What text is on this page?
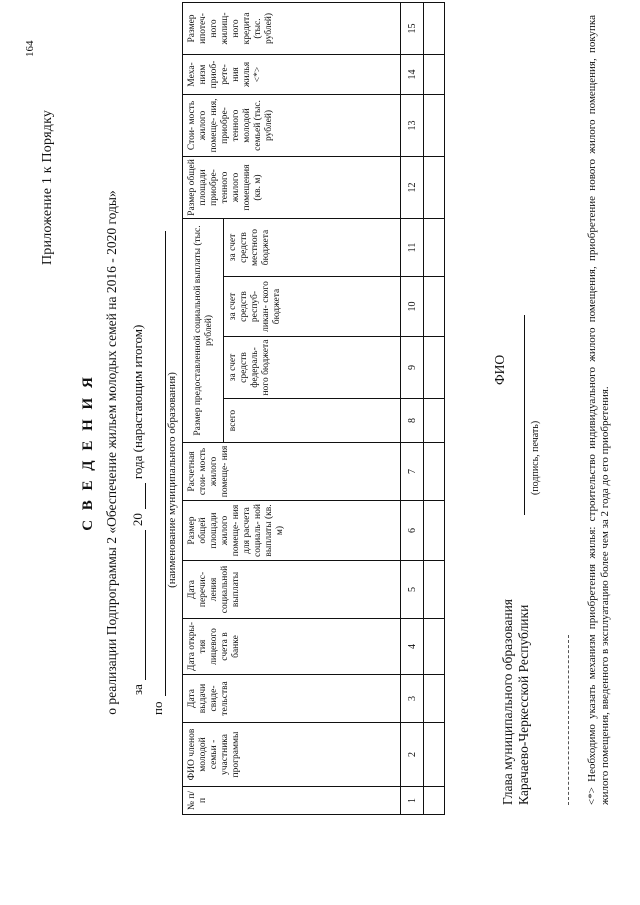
164
Приложение 1 к Порядку
С В Е Д Е Н И Я о реализации Подпрограммы 2 «Обеспечение жильем молодых семей на 2016 - 2020 годы» за
20
года (нарастающим итогом)
по
(наименование муниципального образования)
№ п/п	ФИО членов молодой семьи - участника программы	Дата выдачи свиде- тельства	Дата откры- тия лицевого счета в банке	Дата перечис- ления социальной выплаты	Размер общей площади жилого помеще- ния для расчета социаль- ной выплаты (кв. м)	Расчетная стои- мость жилого помеще- ния	Размер предоставленной социальной выплаты (тыс. рублей)				Размер общей площади приобре- тенного жилого помещения (кв. м)	Стои- мость жилого помеще- ния, приобре- тенного молодой семьей (тыс. рублей)	Меха- низм приоб- ретe- ния жилья <*>	Размер ипотеч- ного жилищ- ного кредита (тыс. рублей)
							всего	за счет средств федераль- ного бюджета	за счет средств респуб- ликан- ского бюджета	за счет средств местного бюджета				
1	2	3	4	5	6	7	8	9	10	11	12	13	14	15

Глава муниципального образования Карачаево-Черкесской Республики
ФИО
(подпись, печать)	<*> Необходимо указать механизм приобретения жилья: строительство индивидуального жилого помещения, приобретение нового жилого помещения, покупка жилого помещения, введенного в эксплуатацию более чем за 2 года до его приобретения.
